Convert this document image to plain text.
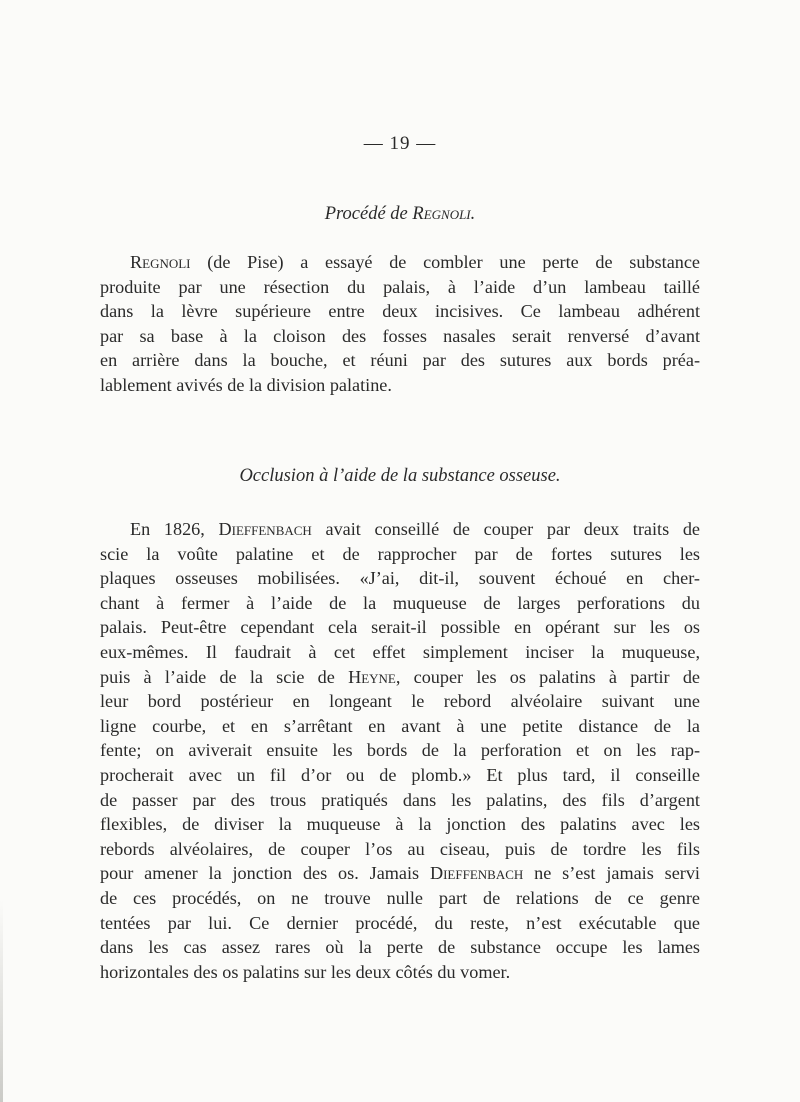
— 19 —
Procédé de Regnoli.
Regnoli (de Pise) a essayé de combler une perte de substance
produite par une résection du palais, à l’aide d’un lambeau taillé
dans la lèvre supérieure entre deux incisives. Ce lambeau adhérent
par sa base à la cloison des fosses nasales serait renversé d’avant
en arrière dans la bouche, et réuni par des sutures aux bords préa-
lablement avivés de la division palatine.
Occlusion à l’aide de la substance osseuse.
En 1826, Dieffenbach avait conseillé de couper par deux traits de
scie la voûte palatine et de rapprocher par de fortes sutures les
plaques osseuses mobilisées. «J’ai, dit-il, souvent échoué en cher-
chant à fermer à l’aide de la muqueuse de larges perforations du
palais. Peut-être cependant cela serait-il possible en opérant sur les os
eux-mêmes. Il faudrait à cet effet simplement inciser la muqueuse,
puis à l’aide de la scie de Heyne, couper les os palatins à partir de
leur bord postérieur en longeant le rebord alvéolaire suivant une
ligne courbe, et en s’arrêtant en avant à une petite distance de la
fente; on aviverait ensuite les bords de la perforation et on les rap-
procherait avec un fil d’or ou de plomb.» Et plus tard, il conseille
de passer par des trous pratiqués dans les palatins, des fils d’argent
flexibles, de diviser la muqueuse à la jonction des palatins avec les
rebords alvéolaires, de couper l’os au ciseau, puis de tordre les fils
pour amener la jonction des os. Jamais Dieffenbach ne s’est jamais servi
de ces procédés, on ne trouve nulle part de relations de ce genre
tentées par lui. Ce dernier procédé, du reste, n’est exécutable que
dans les cas assez rares où la perte de substance occupe les lames
horizontales des os palatins sur les deux côtés du vomer.
